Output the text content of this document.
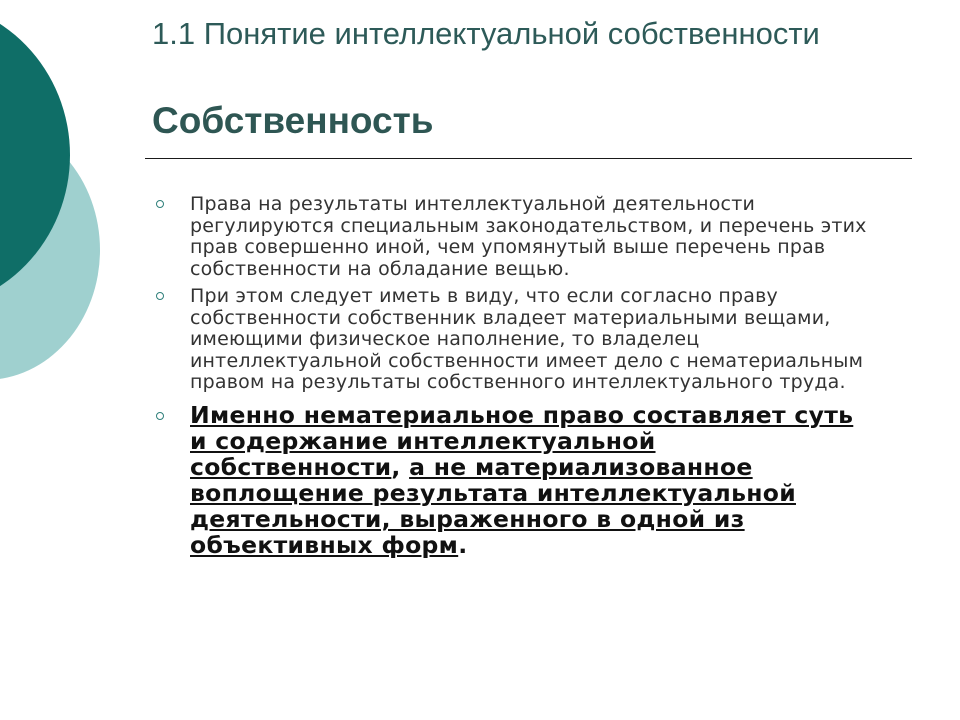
1.1 Понятие интеллектуальной собственности
Собственность
Права на результаты интеллектуальной деятельности регулируются специальным законодательством, и перечень этих прав совершенно иной, чем упомянутый выше перечень прав собственности на обладание вещью.
При этом следует иметь в виду, что если согласно праву собственности собственник владеет материальными вещами, имеющими физическое наполнение, то владелец интеллектуальной собственности имеет дело с нематериальным правом на результаты собственного интеллектуального труда.
Именно нематериальное право составляет суть и содержание интеллектуальной собственности, а не материализованное воплощение результата интеллектуальной деятельности, выраженного в одной из объективных форм.
